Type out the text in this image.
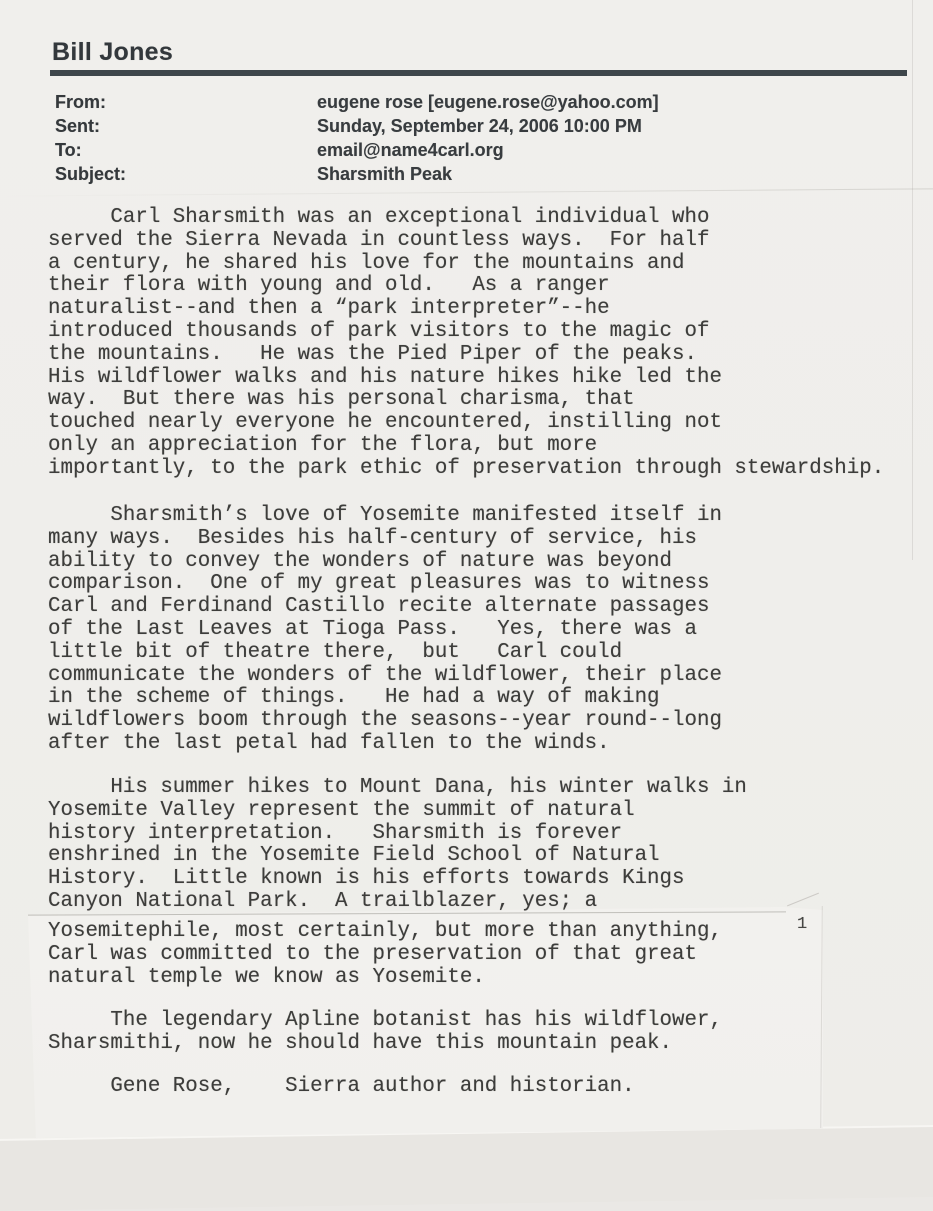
Bill Jones
From:	eugene rose [eugene.rose@yahoo.com]
Sent:	Sunday, September 24, 2006 10:00 PM
To:	email@name4carl.org
Subject:	Sharsmith Peak
Carl Sharsmith was an exceptional individual who
served the Sierra Nevada in countless ways.  For half
a century, he shared his love for the mountains and
their flora with young and old.   As a ranger
naturalist--and then a “park interpreter”--he
introduced thousands of park visitors to the magic of
the mountains.   He was the Pied Piper of the peaks.
His wildflower walks and his nature hikes hike led the
way.  But there was his personal charisma, that
touched nearly everyone he encountered, instilling not
only an appreciation for the flora, but more
importantly, to the park ethic of preservation through stewardship.
Sharsmith’s love of Yosemite manifested itself in
many ways.  Besides his half-century of service, his
ability to convey the wonders of nature was beyond
comparison.  One of my great pleasures was to witness
Carl and Ferdinand Castillo recite alternate passages
of the Last Leaves at Tioga Pass.   Yes, there was a
little bit of theatre there,  but   Carl could
communicate the wonders of the wildflower, their place
in the scheme of things.   He had a way of making
wildflowers boom through the seasons--year round--long
after the last petal had fallen to the winds.
His summer hikes to Mount Dana, his winter walks in
Yosemite Valley represent the summit of natural
history interpretation.   Sharsmith is forever
enshrined in the Yosemite Field School of Natural
History.  Little known is his efforts towards Kings
Canyon National Park.  A trailblazer, yes; a
Yosemitephile, most certainly, but more than anything,
Carl was committed to the preservation of that great
natural temple we know as Yosemite.
The legendary Apline botanist has his wildflower,
Sharsmithi, now he should have this mountain peak.
Gene Rose,    Sierra author and historian.
1
